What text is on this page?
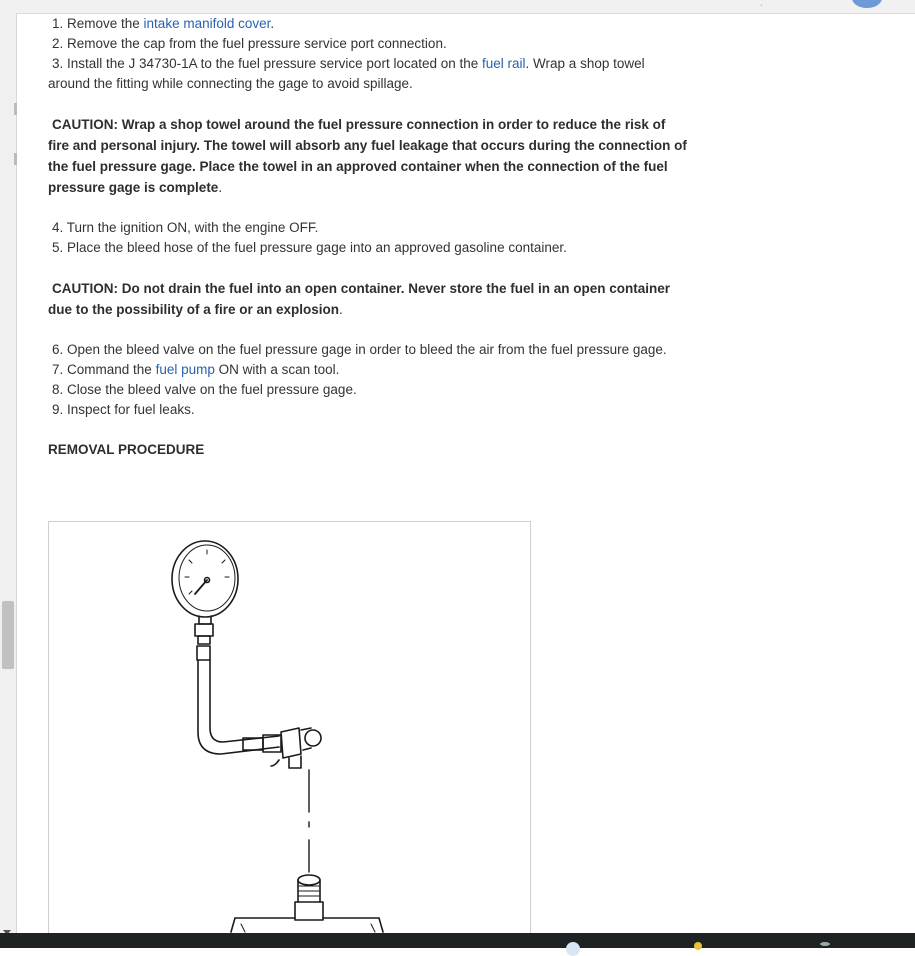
ˎ

1. Remove the intake manifold cover.

2. Remove the cap from the fuel pressure service port connection.

3. Install the J 34730-1A to the fuel pressure service port located on the fuel rail. Wrap a shop towel around the fitting while connecting the gage to avoid spillage.

CAUTION: Wrap a shop towel around the fuel pressure connection in order to reduce the risk of fire and personal injury. The towel will absorb any fuel leakage that occurs during the connection of the fuel pressure gage. Place the towel in an approved container when the connection of the fuel pressure gage is complete.

4. Turn the ignition ON, with the engine OFF.

5. Place the bleed hose of the fuel pressure gage into an approved gasoline container.

CAUTION: Do not drain the fuel into an open container. Never store the fuel in an open container due to the possibility of a fire or an explosion.

6. Open the bleed valve on the fuel pressure gage in order to bleed the air from the fuel pressure gage.

7. Command the fuel pump ON with a scan tool.

8. Close the bleed valve on the fuel pressure gage.

9. Inspect for fuel leaks.

REMOVAL PROCEDURE
